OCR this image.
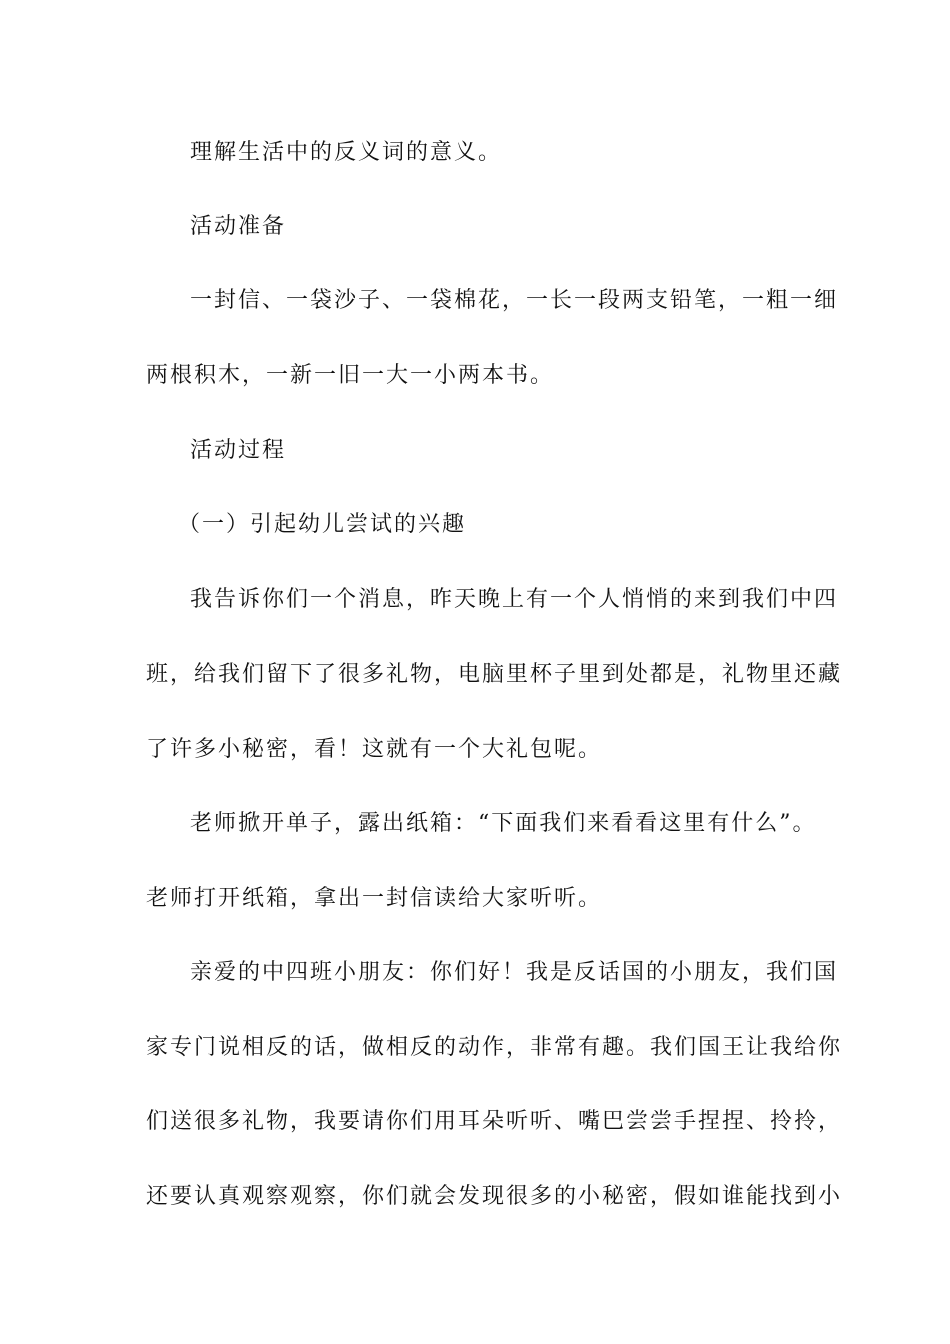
理解生活中的反义词的意义。
活动准备
一封信、一袋沙子、一袋棉花，一长一段两支铅笔，一粗一细
两根积木，一新一旧一大一小两本书。
活动过程
（一）引起幼儿尝试的兴趣
我告诉你们一个消息，昨天晚上有一个人悄悄的来到我们中四
班，给我们留下了很多礼物，电脑里杯子里到处都是，礼物里还藏
了许多小秘密，看！这就有一个大礼包呢。
老师掀开单子，露出纸箱：“下面我们来看看这里有什么”。
老师打开纸箱，拿出一封信读给大家听听。
亲爱的中四班小朋友：你们好！我是反话国的小朋友，我们国
家专门说相反的话，做相反的动作，非常有趣。我们国王让我给你
们送很多礼物，我要请你们用耳朵听听、嘴巴尝尝手捏捏、拎拎，
还要认真观察观察，你们就会发现很多的小秘密，假如谁能找到小
